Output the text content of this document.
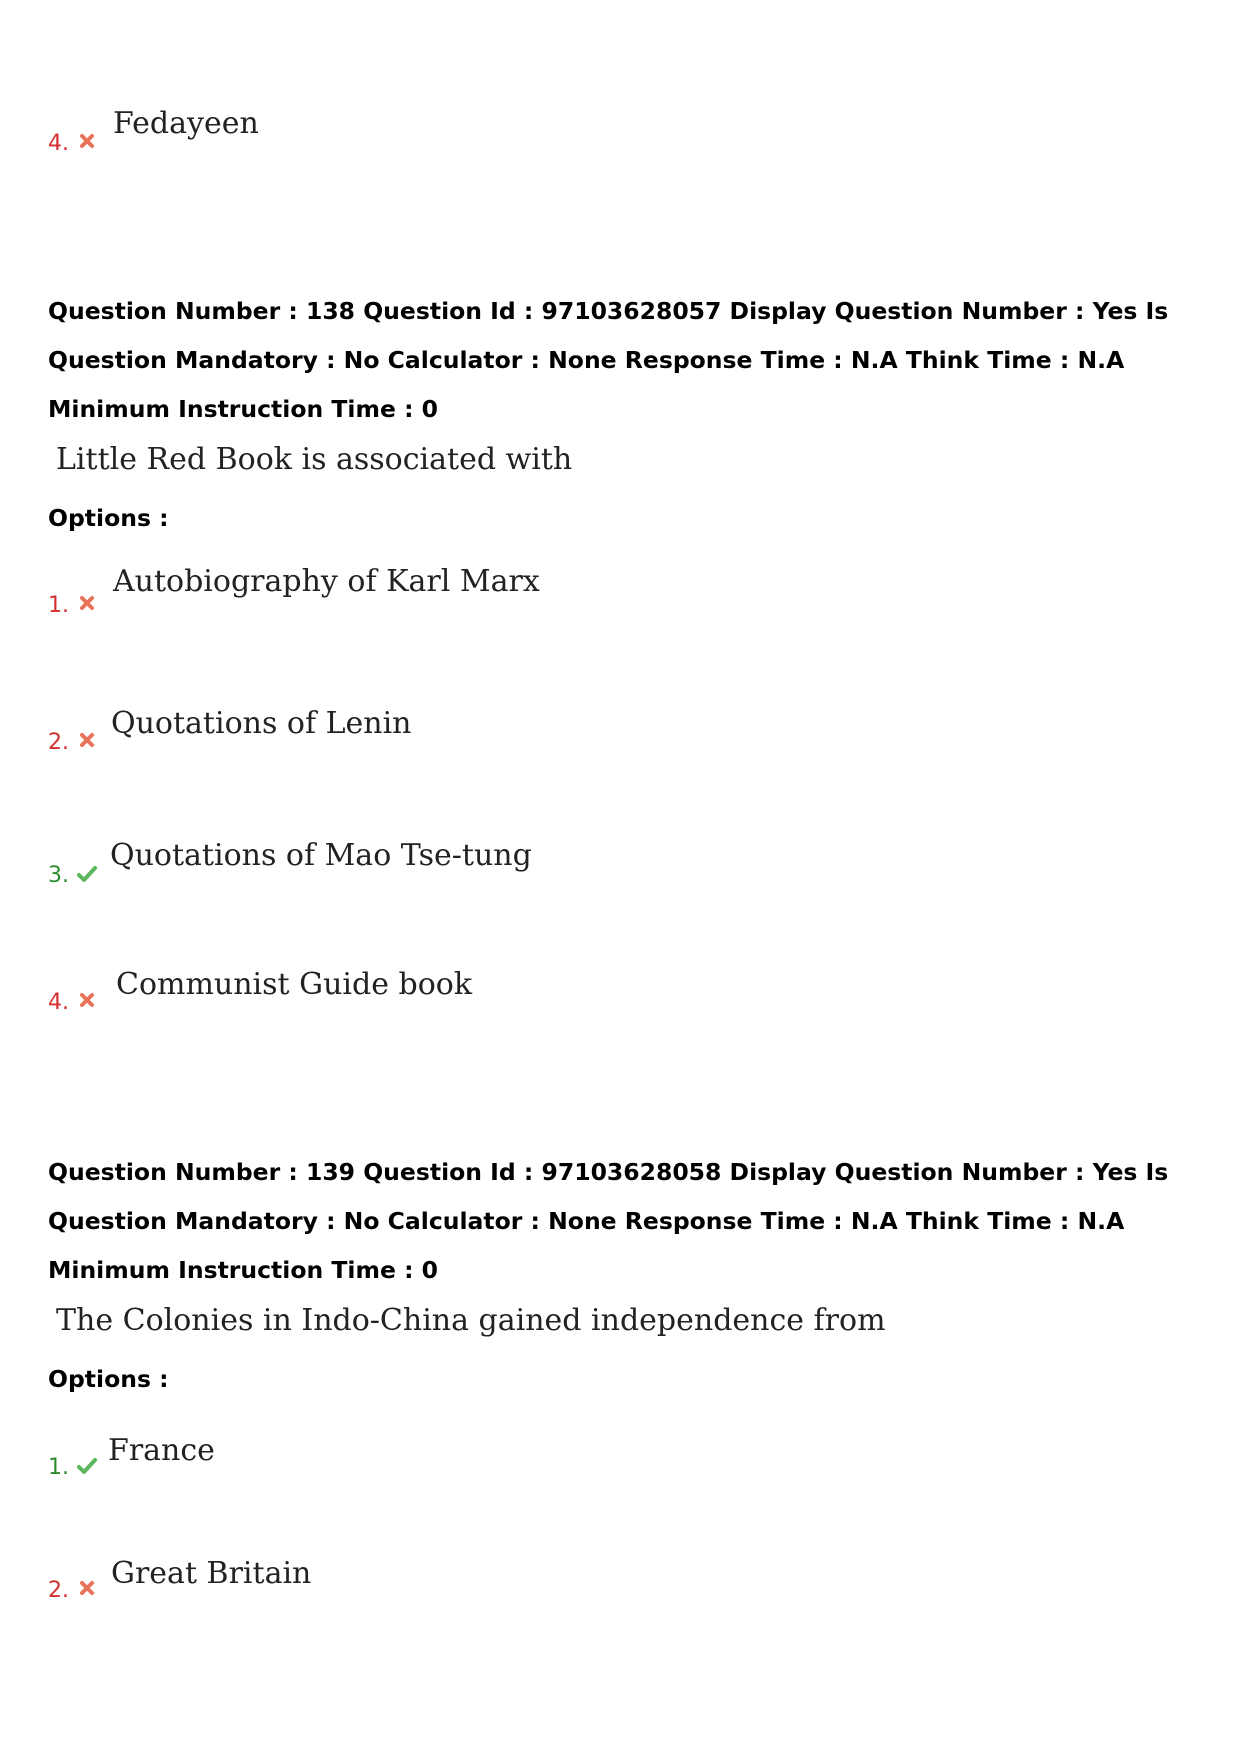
4.
Fedayeen
Question Number : 138 Question Id : 97103628057 Display Question Number : Yes Is Question Mandatory : No Calculator : None Response Time : N.A Think Time : N.A Minimum Instruction Time : 0
Little Red Book is associated with
Options :
1.
Autobiography of Karl Marx
2.
Quotations of Lenin
3.
Quotations of Mao Tse-tung
4.
Communist Guide book
Question Number : 139 Question Id : 97103628058 Display Question Number : Yes Is Question Mandatory : No Calculator : None Response Time : N.A Think Time : N.A Minimum Instruction Time : 0
The Colonies in Indo-China gained independence from
Options :
1. France
2. Great Britain
